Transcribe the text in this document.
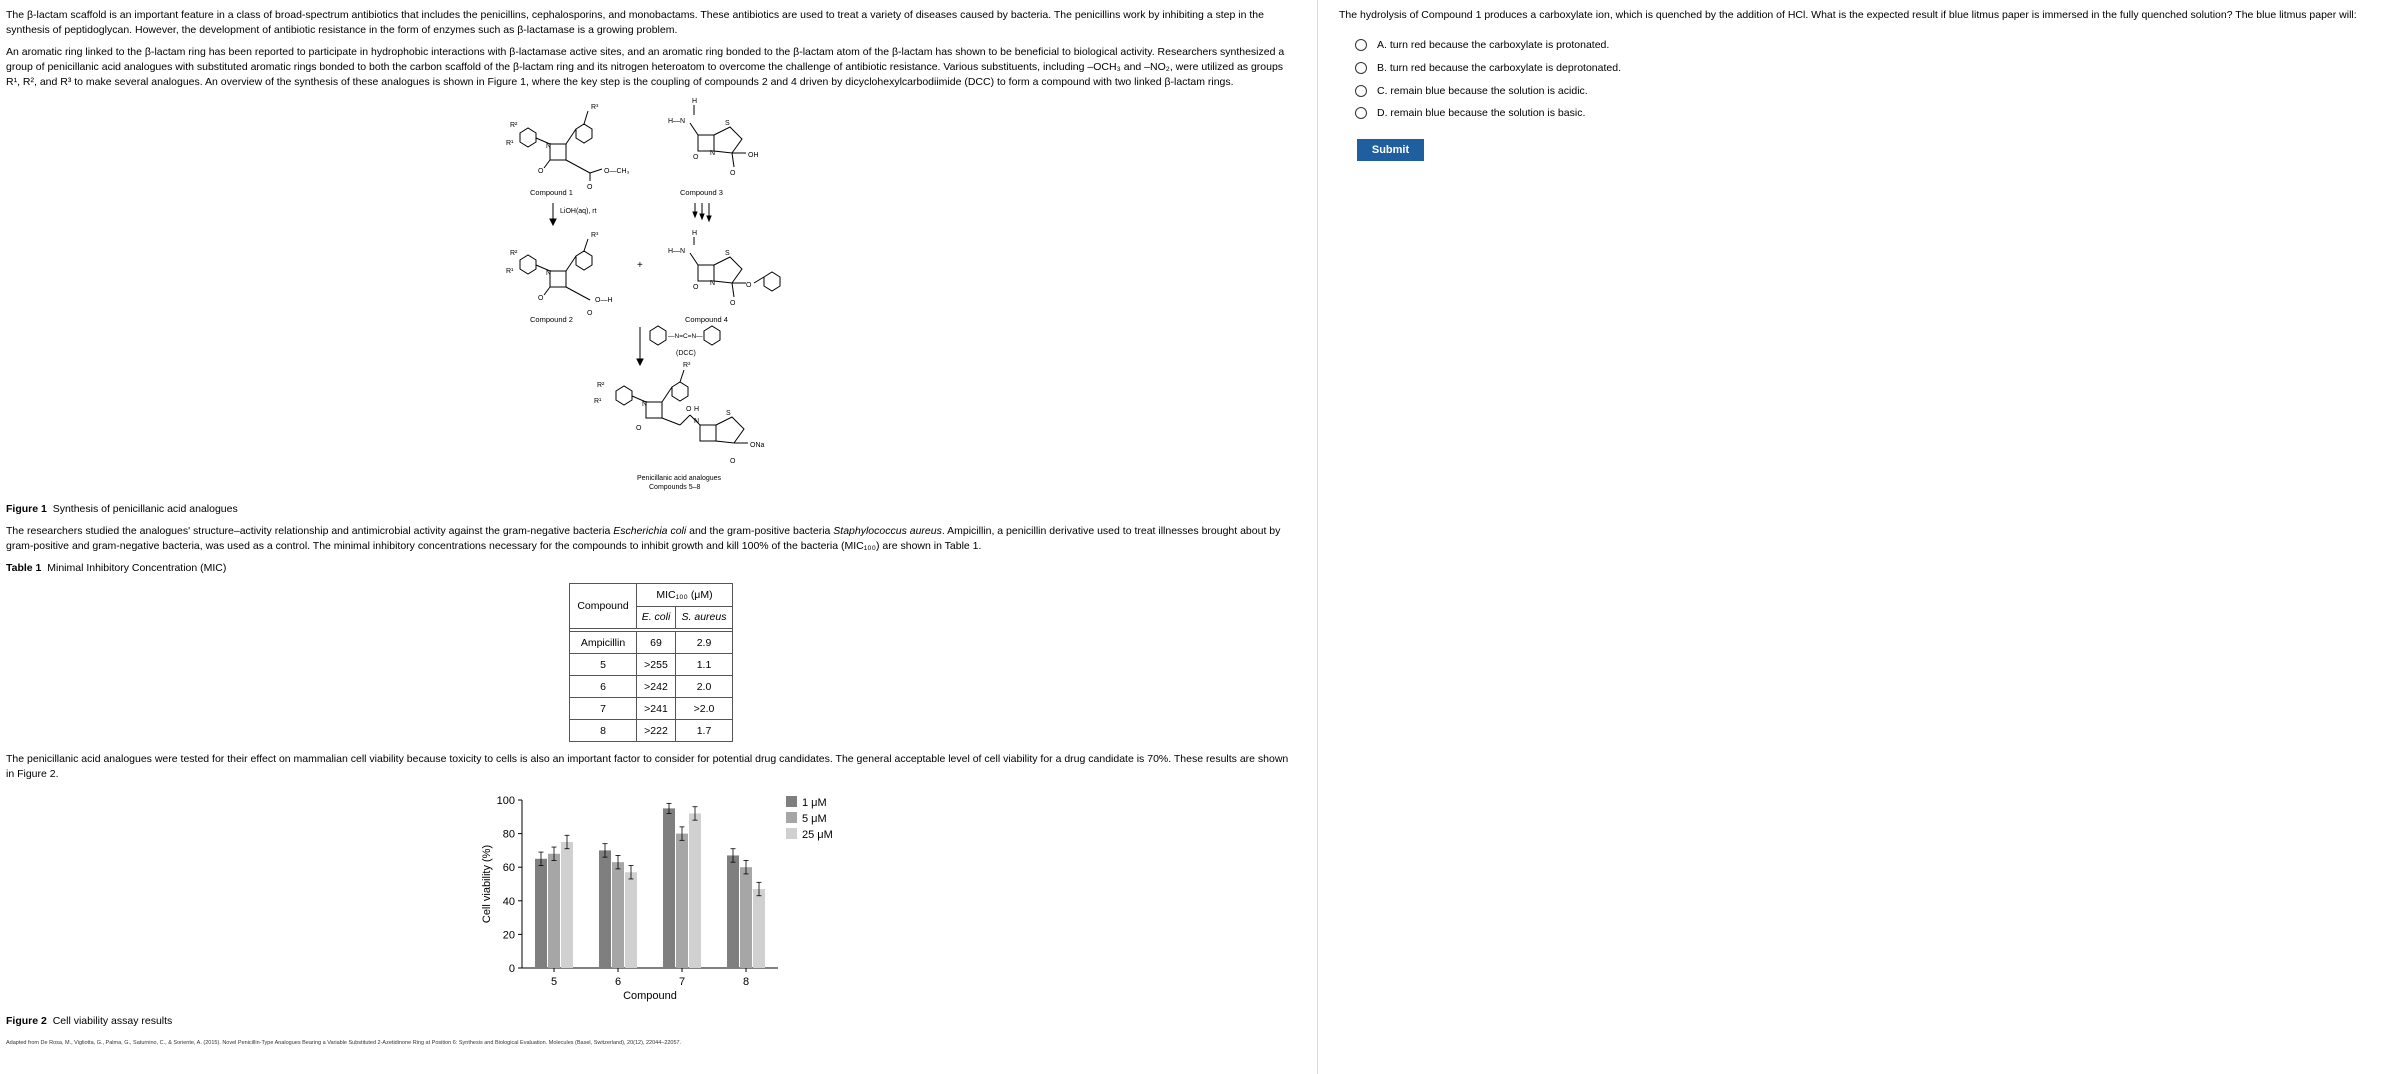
The β-lactam scaffold is an important feature in a class of broad-spectrum antibiotics that includes the penicillins, cephalosporins, and monobactams. These antibiotics are used to treat a variety of diseases caused by bacteria. The penicillins work by inhibiting a step in the synthesis of peptidoglycan. However, the development of antibiotic resistance in the form of enzymes such as β-lactamase is a growing problem.

An aromatic ring linked to the β-lactam ring has been reported to participate in hydrophobic interactions with β-lactamase active sites, and an aromatic ring bonded to the β-lactam atom of the β-lactam has shown to be beneficial to biological activity. Researchers synthesized a group of penicillanic acid analogues with substituted aromatic rings bonded to both the carbon scaffold of the β-lactam ring and its nitrogen heteroatom to overcome the challenge of antibiotic resistance. Various substituents, including –OCH₃ and –NO₂, were utilized as groups R¹, R², and R³ to make several analogues. An overview of the synthesis of these analogues is shown in Figure 1, where the key step is the coupling of compounds 2 and 4 driven by dicyclohexylcarbodiimide (DCC) to form a compound with two linked β-lactam rings.

R²
R¹
R³
N
O
O
O—CH₃
Compound 1
LiOH(aq), rt
H
H—N
OH
O
S
O
N
Compound 3
R²
R¹
R³
N
O
O
O—H
Compound 2
+
H
H—N
O
O
S
O
N
Compound 4
—N=C=N—
(DCC)
ONa
R²
R¹
R³
N
O
O H
N
S
O
Penicillanic acid analogues
Compounds 5–8

Figure 1 Synthesis of penicillanic acid analogues

The researchers studied the analogues' structure–activity relationship and antimicrobial activity against the gram-negative bacteria Escherichia coli and the gram-positive bacteria Staphylococcus aureus. Ampicillin, a penicillin derivative used to treat illnesses brought about by gram-positive and gram-negative bacteria, was used as a control. The minimal inhibitory concentrations necessary for the compounds to inhibit growth and kill 100% of the bacteria (MIC₁₀₀) are shown in Table 1.

Table 1 Minimal Inhibitory Concentration (MIC)

Compound	MIC₁₀₀ (μM)	
	E. coli	S. aureus

Ampicillin	69	2.9
5	>255	1.1
6	>242	2.0
7	>241	>2.0
8	>222	1.7

The penicillanic acid analogues were tested for their effect on mammalian cell viability because toxicity to cells is also an important factor to consider for potential drug candidates. The general acceptable level of cell viability for a drug candidate is 70%. These results are shown in Figure 2.

0
20
40
60
80
100
Cell viability (%)
5	6	7	8
Compound
1 μM
5 μM
25 μM

Figure 2 Cell viability assay results

Adapted from De Rosa, M., Vigliotta, G., Palma, G., Saturnino, C., & Soriente, A. (2015). Novel Penicillin-Type Analogues Bearing a Variable Substituted 2-Azetidinone Ring at Position 6: Synthesis and Biological Evaluation. Molecules (Basel, Switzerland), 20(12), 22044–22057.
The hydrolysis of Compound 1 produces a carboxylate ion, which is quenched by the addition of HCl. What is the expected result if blue litmus paper is immersed in the fully quenched solution? The blue litmus paper will:
A. turn red because the carboxylate is protonated.
B. turn red because the carboxylate is deprotonated.
C. remain blue because the solution is acidic.
D. remain blue because the solution is basic.
Submit
